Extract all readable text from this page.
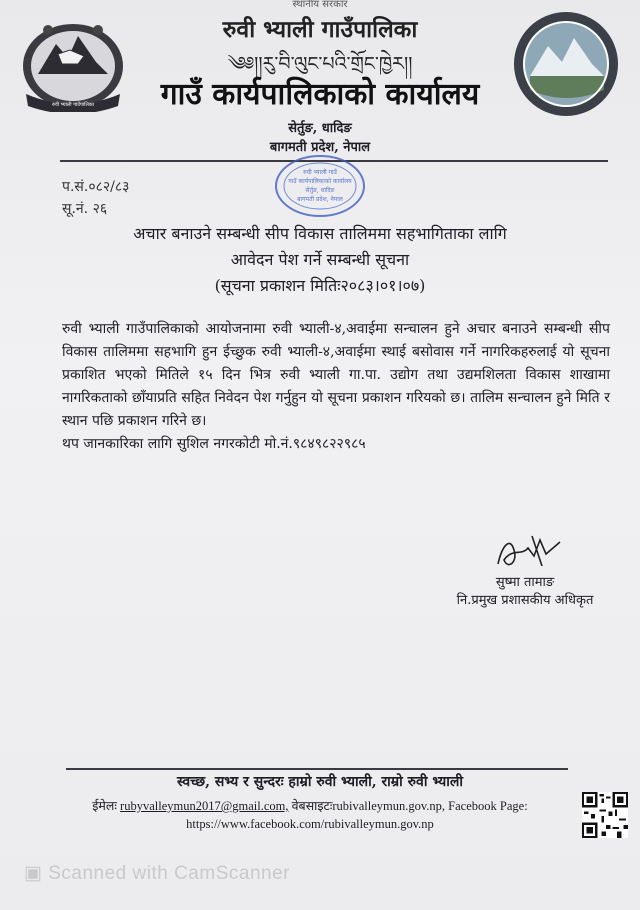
स्थानीय सरकार
रुवी भ्याली गाउँपालिका
रुवी भ्याली गाउँपालिका
༄༅།།རུ་བི་ལུང་པའི་གྲོང་ཁྱེར།།
गाउँ कार्यपालिकाको कार्यालय
सेर्तुङ, धादिङ
बागमती प्रदेश, नेपाल
रुवी भ्याली गाउँ
गाउँ कार्यपालिकाको कार्यालय
सेर्तुङ, धादिङ
बागमती प्रदेश, नेपाल
प.सं.०८२/८३
सू.नं. २६
अचार बनाउने सम्बन्धी सीप विकास तालिममा सहभागिताका लागि
आवेदन पेश गर्ने सम्बन्धी सूचना
(सूचना प्रकाशन मितिः२०८३।०१।०७)

रुवी भ्याली गाउँपालिकाको आयोजनामा रुवी भ्याली-४,अवाईमा सन्चालन हुने अचार बनाउने सम्बन्धी सीप विकास तालिममा सहभागि हुन ईच्छुक रुवी भ्याली-४,अवाईमा स्थाई बसोवास गर्ने नागरिकहरुलाई यो सूचना प्रकाशित भएको मितिले १५ दिन भित्र रुवी भ्याली गा.पा. उद्योग तथा उद्यमशिलता विकास शाखामा नागरिकताको छाँयाप्रति सहित निवेदन पेश गर्नुहुन यो सूचना प्रकाशन गरियको छ। तालिम सन्चालन हुने मिति र स्थान पछि प्रकाशन गरिने छ।

थप जानकारिका लागि सुशिल नगरकोटी मो.नं.९८४९८२२९८५

सुष्मा तामाङ
नि.प्रमुख प्रशासकीय अधिकृत
स्वच्छ, सभ्य र सुन्दरः हाम्रो रुवी भ्याली, राम्रो रुवी भ्याली
ईमेलः rubyvalleymun2017@gmail.com, वेबसाइटःrubivalleymun.gov.np, Facebook Page:
https://www.facebook.com/rubivalleymun.gov.np
▣ Scanned with CamScanner
